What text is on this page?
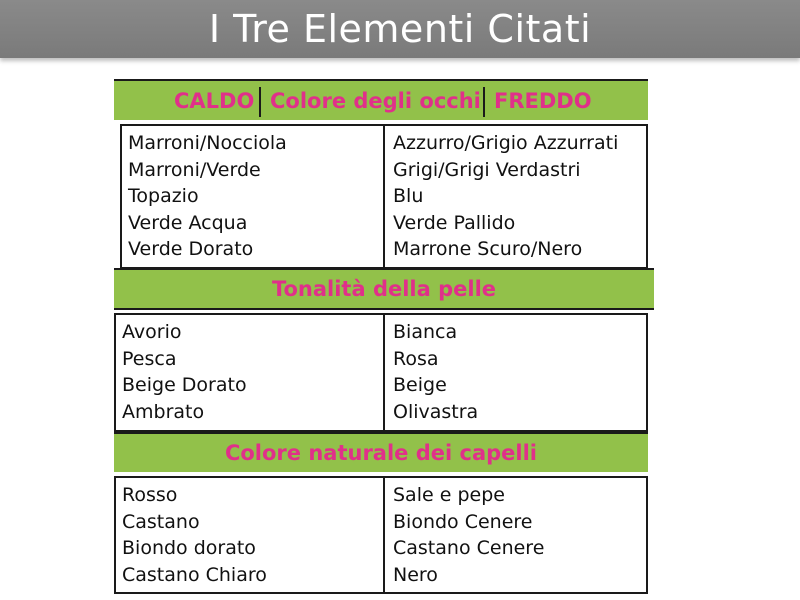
I Tre Elementi Citati
CALDO Colore degli occhi FREDDO
Marroni/Nocciola
Marroni/Verde
Topazio
Verde Acqua
Verde Dorato
Azzurro/Grigio Azzurrati
Grigi/Grigi Verdastri
Blu
Verde Pallido
Marrone Scuro/Nero
Tonalità della pelle
Avorio
Pesca
Beige Dorato
Ambrato
Bianca
Rosa
Beige
Olivastra
Colore naturale dei capelli
Rosso
Castano
Biondo dorato
Castano Chiaro
Sale e pepe
Biondo Cenere
Castano Cenere
Nero
